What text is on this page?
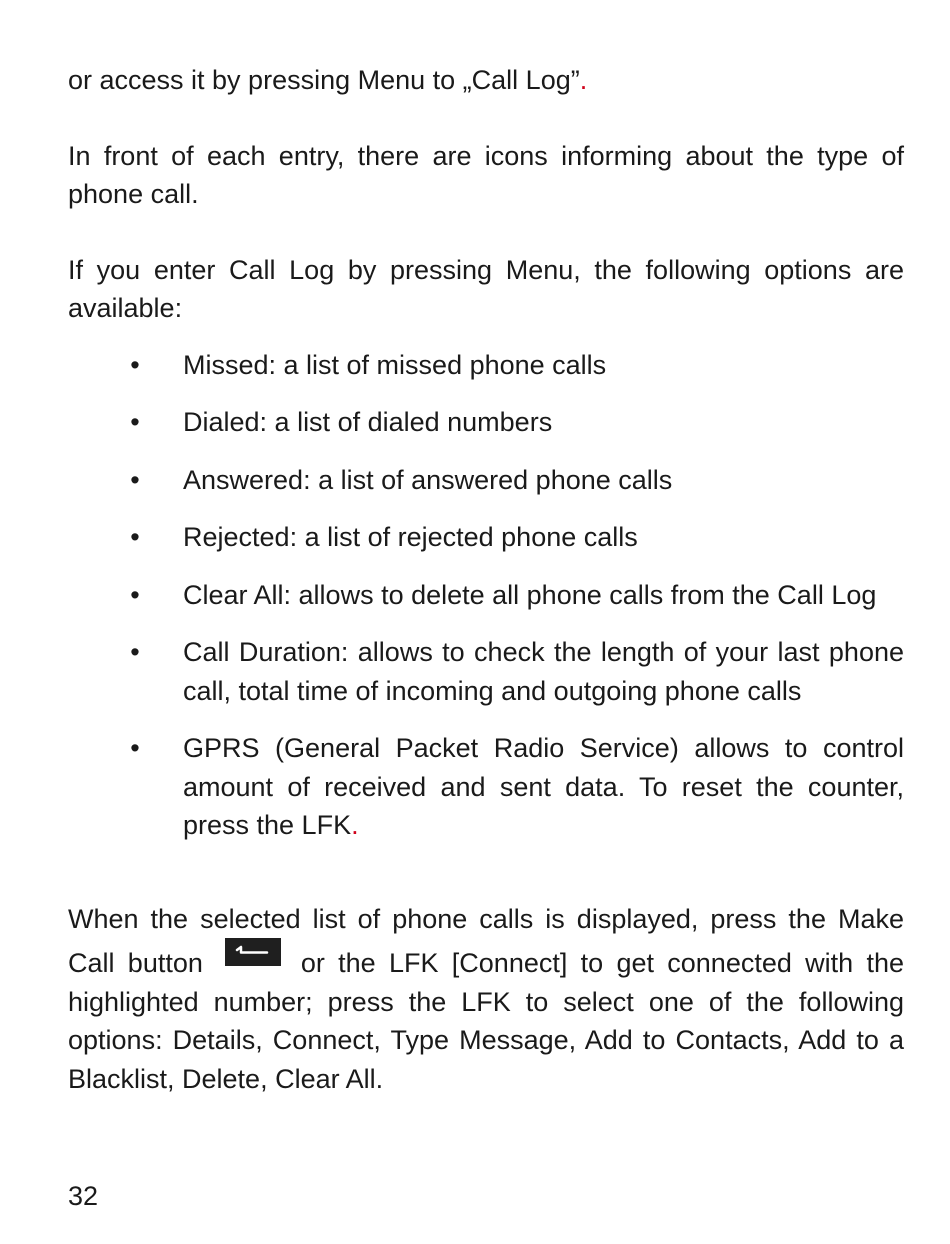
or access it by pressing Menu to „Call Log”.

In front of each entry, there are icons informing about the type of phone call.

If you enter Call Log by pressing Menu, the following options are available:

• Missed: a list of missed phone calls
• Dialed: a list of dialed numbers
• Answered: a list of answered phone calls
• Rejected: a list of rejected phone calls
• Clear All: allows to delete all phone calls from the Call Log
• Call Duration: allows to check the length of your last phone call, total time of incoming and outgoing phone calls
• GPRS (General Packet Radio Service) allows to control amount of received and sent data. To reset the counter, press the LFK.

When the selected list of phone calls is displayed, press the Make Call button	or the LFK [Connect] to get connected with the highlighted number; press the LFK to select one of the following options: Details, Connect, Type Message, Add to Contacts, Add to a Blacklist, Delete, Clear All.

32
